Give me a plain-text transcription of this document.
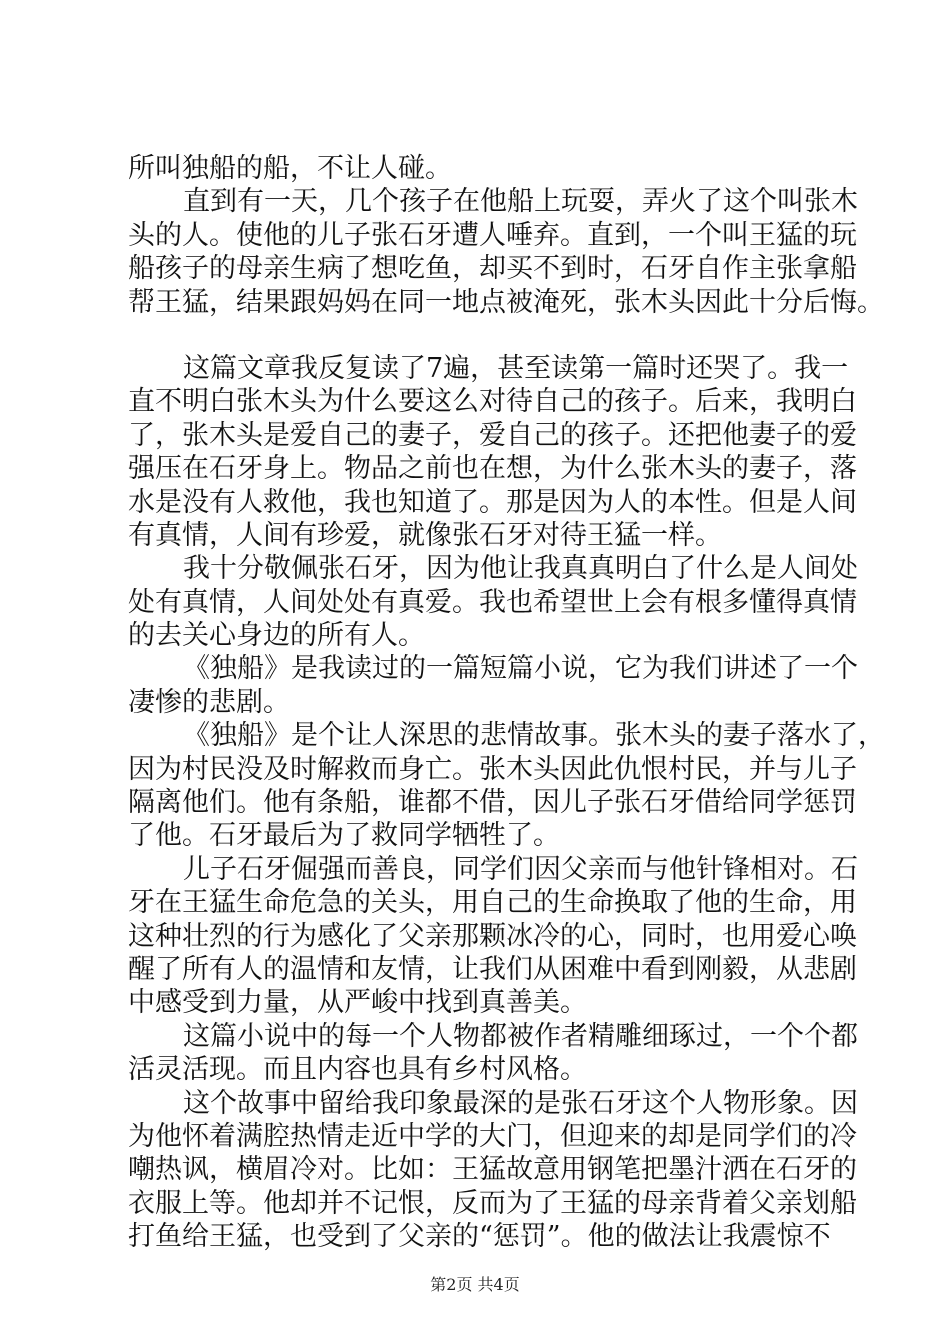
所叫独船的船，不让人碰。
直到有一天，几个孩子在他船上玩耍，弄火了这个叫张木
头的人。使他的儿子张石牙遭人唾弃。直到，一个叫王猛的玩
船孩子的母亲生病了想吃鱼，却买不到时，石牙自作主张拿船
帮王猛，结果跟妈妈在同一地点被淹死，张木头因此十分后悔。
这篇文章我反复读了7遍，甚至读第一篇时还哭了。我一
直不明白张木头为什么要这么对待自己的孩子。后来，我明白
了，张木头是爱自己的妻子，爱自己的孩子。还把他妻子的爱
强压在石牙身上。物品之前也在想，为什么张木头的妻子，落
水是没有人救他，我也知道了。那是因为人的本性。但是人间
有真情，人间有珍爱，就像张石牙对待王猛一样。
我十分敬佩张石牙，因为他让我真真明白了什么是人间处
处有真情，人间处处有真爱。我也希望世上会有根多懂得真情
的去关心身边的所有人。
《独船》是我读过的一篇短篇小说，它为我们讲述了一个
凄惨的悲剧。
《独船》是个让人深思的悲情故事。张木头的妻子落水了，
因为村民没及时解救而身亡。张木头因此仇恨村民，并与儿子
隔离他们。他有条船，谁都不借，因儿子张石牙借给同学惩罚
了他。石牙最后为了救同学牺牲了。
儿子石牙倔强而善良，同学们因父亲而与他针锋相对。石
牙在王猛生命危急的关头，用自己的生命换取了他的生命，用
这种壮烈的行为感化了父亲那颗冰冷的心，同时，也用爱心唤
醒了所有人的温情和友情，让我们从困难中看到刚毅，从悲剧
中感受到力量，从严峻中找到真善美。
这篇小说中的每一个人物都被作者精雕细琢过，一个个都
活灵活现。而且内容也具有乡村风格。
这个故事中留给我印象最深的是张石牙这个人物形象。因
为他怀着满腔热情走近中学的大门，但迎来的却是同学们的冷
嘲热讽，横眉冷对。比如：王猛故意用钢笔把墨汁洒在石牙的
衣服上等。他却并不记恨，反而为了王猛的母亲背着父亲划船
打鱼给王猛，也受到了父亲的“惩罚”。他的做法让我震惊不
第2页 共4页
